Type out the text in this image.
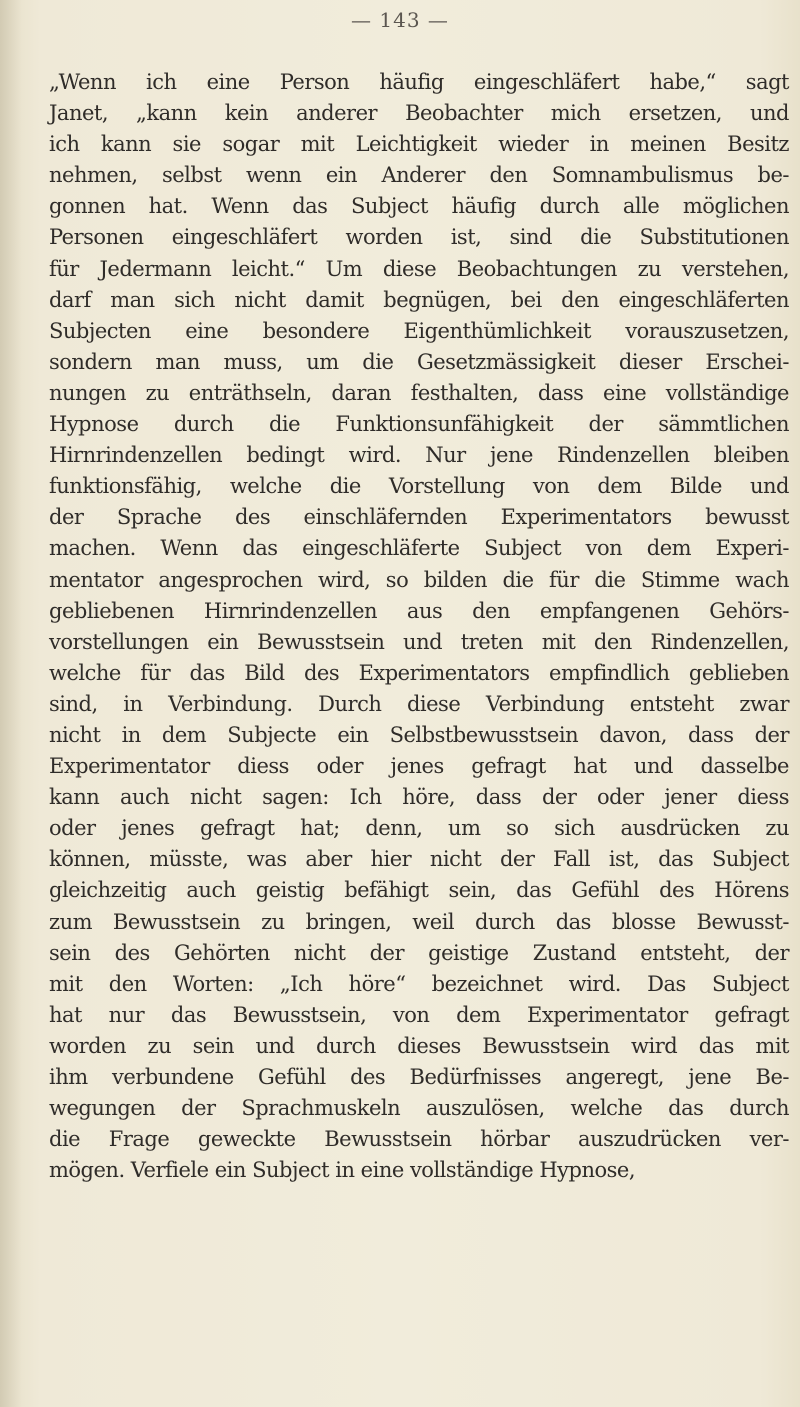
— 143 —

„Wenn ich eine Person häufig eingeschläfert habe,“ sagt
Janet, „kann kein anderer Beobachter mich ersetzen, und
ich kann sie sogar mit Leichtigkeit wieder in meinen Besitz
nehmen, selbst wenn ein Anderer den Somnambulismus be-
gonnen hat. Wenn das Subject häufig durch alle möglichen
Personen eingeschläfert worden ist, sind die Substitutionen
für Jedermann leicht.“ Um diese Beobachtungen zu verstehen,
darf man sich nicht damit begnügen, bei den eingeschläferten
Subjecten eine besondere Eigenthümlichkeit vorauszusetzen,
sondern man muss, um die Gesetzmässigkeit dieser Erschei-
nungen zu enträthseln, daran festhalten, dass eine vollständige
Hypnose durch die Funktionsunfähigkeit der sämmtlichen
Hirnrindenzellen bedingt wird. Nur jene Rindenzellen bleiben
funktionsfähig, welche die Vorstellung von dem Bilde und
der Sprache des einschläfernden Experimentators bewusst
machen. Wenn das eingeschläferte Subject von dem Experi-
mentator angesprochen wird, so bilden die für die Stimme wach
gebliebenen Hirnrindenzellen aus den empfangenen Gehörs-
vorstellungen ein Bewusstsein und treten mit den Rindenzellen,
welche für das Bild des Experimentators empfindlich geblieben
sind, in Verbindung. Durch diese Verbindung entsteht zwar
nicht in dem Subjecte ein Selbstbewusstsein davon, dass der
Experimentator diess oder jenes gefragt hat und dasselbe
kann auch nicht sagen: Ich höre, dass der oder jener diess
oder jenes gefragt hat; denn, um so sich ausdrücken zu
können, müsste, was aber hier nicht der Fall ist, das Subject
gleichzeitig auch geistig befähigt sein, das Gefühl des Hörens
zum Bewusstsein zu bringen, weil durch das blosse Bewusst-
sein des Gehörten nicht der geistige Zustand entsteht, der
mit den Worten: „Ich höre“ bezeichnet wird. Das Subject
hat nur das Bewusstsein, von dem Experimentator gefragt
worden zu sein und durch dieses Bewusstsein wird das mit
ihm verbundene Gefühl des Bedürfnisses angeregt, jene Be-
wegungen der Sprachmuskeln auszulösen, welche das durch
die Frage geweckte Bewusstsein hörbar auszudrücken ver-
mögen. Verfiele ein Subject in eine vollständige Hypnose,
